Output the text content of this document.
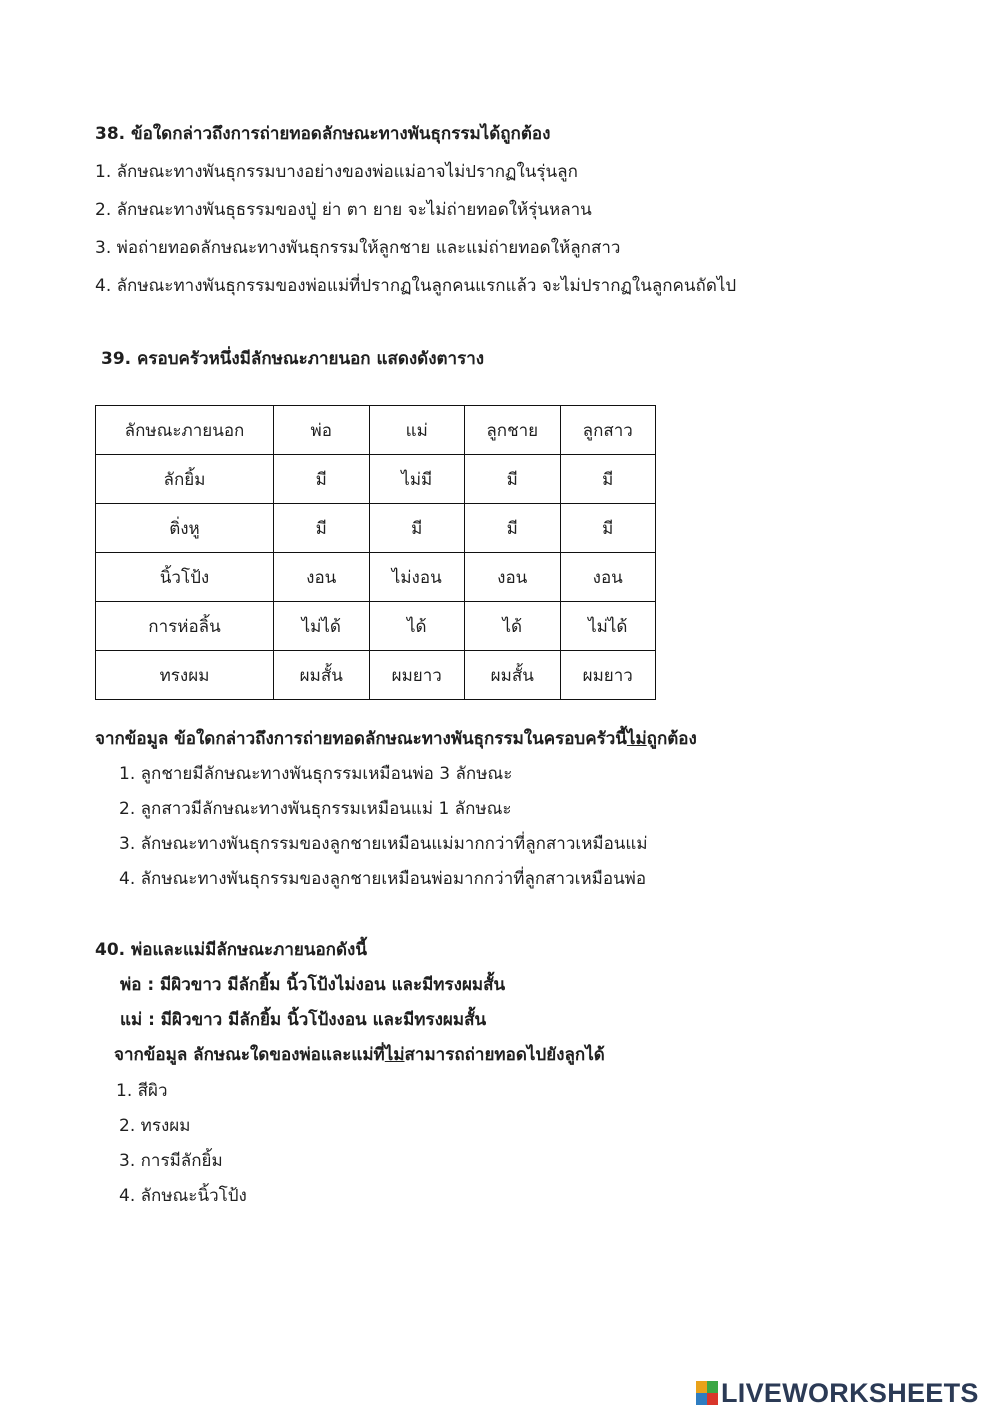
38. ข้อใดกล่าวถึงการถ่ายทอดลักษณะทางพันธุกรรมได้ถูกต้อง
1. ลักษณะทางพันธุกรรมบางอย่างของพ่อแม่อาจไม่ปรากฏในรุ่นลูก
2. ลักษณะทางพันธุธรรมของปู่ ย่า ตา ยาย จะไม่ถ่ายทอดให้รุ่นหลาน
3. พ่อถ่ายทอดลักษณะทางพันธุกรรมให้ลูกชาย และแม่ถ่ายทอดให้ลูกสาว
4. ลักษณะทางพันธุกรรมของพ่อแม่ที่ปรากฏในลูกคนแรกแล้ว จะไม่ปรากฏในลูกคนถัดไป
39. ครอบครัวหนึ่งมีลักษณะภายนอก แสดงดังตาราง
ลักษณะภายนอก	พ่อ	แม่	ลูกชาย	ลูกสาว
ลักยิ้ม	มี	ไม่มี	มี	มี
ติ่งหู	มี	มี	มี	มี
นิ้วโป้ง	งอน	ไม่งอน	งอน	งอน
การห่อลิ้น	ไม่ได้	ได้	ได้	ไม่ได้
ทรงผม	ผมสั้น	ผมยาว	ผมสั้น	ผมยาว
จากข้อมูล ข้อใดกล่าวถึงการถ่ายทอดลักษณะทางพันธุกรรมในครอบครัวนี้ไม่ถูกต้อง
1. ลูกชายมีลักษณะทางพันธุกรรมเหมือนพ่อ 3 ลักษณะ
2. ลูกสาวมีลักษณะทางพันธุกรรมเหมือนแม่ 1 ลักษณะ
3. ลักษณะทางพันธุกรรมของลูกชายเหมือนแม่มากกว่าที่ลูกสาวเหมือนแม่
4. ลักษณะทางพันธุกรรมของลูกชายเหมือนพ่อมากกว่าที่ลูกสาวเหมือนพ่อ
40. พ่อและแม่มีลักษณะภายนอกดังนี้
พ่อ : มีผิวขาว มีลักยิ้ม นิ้วโป้งไม่งอน และมีทรงผมสั้น
แม่ : มีผิวขาว มีลักยิ้ม นิ้วโป้งงอน และมีทรงผมสั้น
จากข้อมูล ลักษณะใดของพ่อและแม่ที่ไม่สามารถถ่ายทอดไปยังลูกได้
1. สีผิว
2. ทรงผม
3. การมีลักยิ้ม
4. ลักษณะนิ้วโป้ง
LIVEWORKSHEETS
